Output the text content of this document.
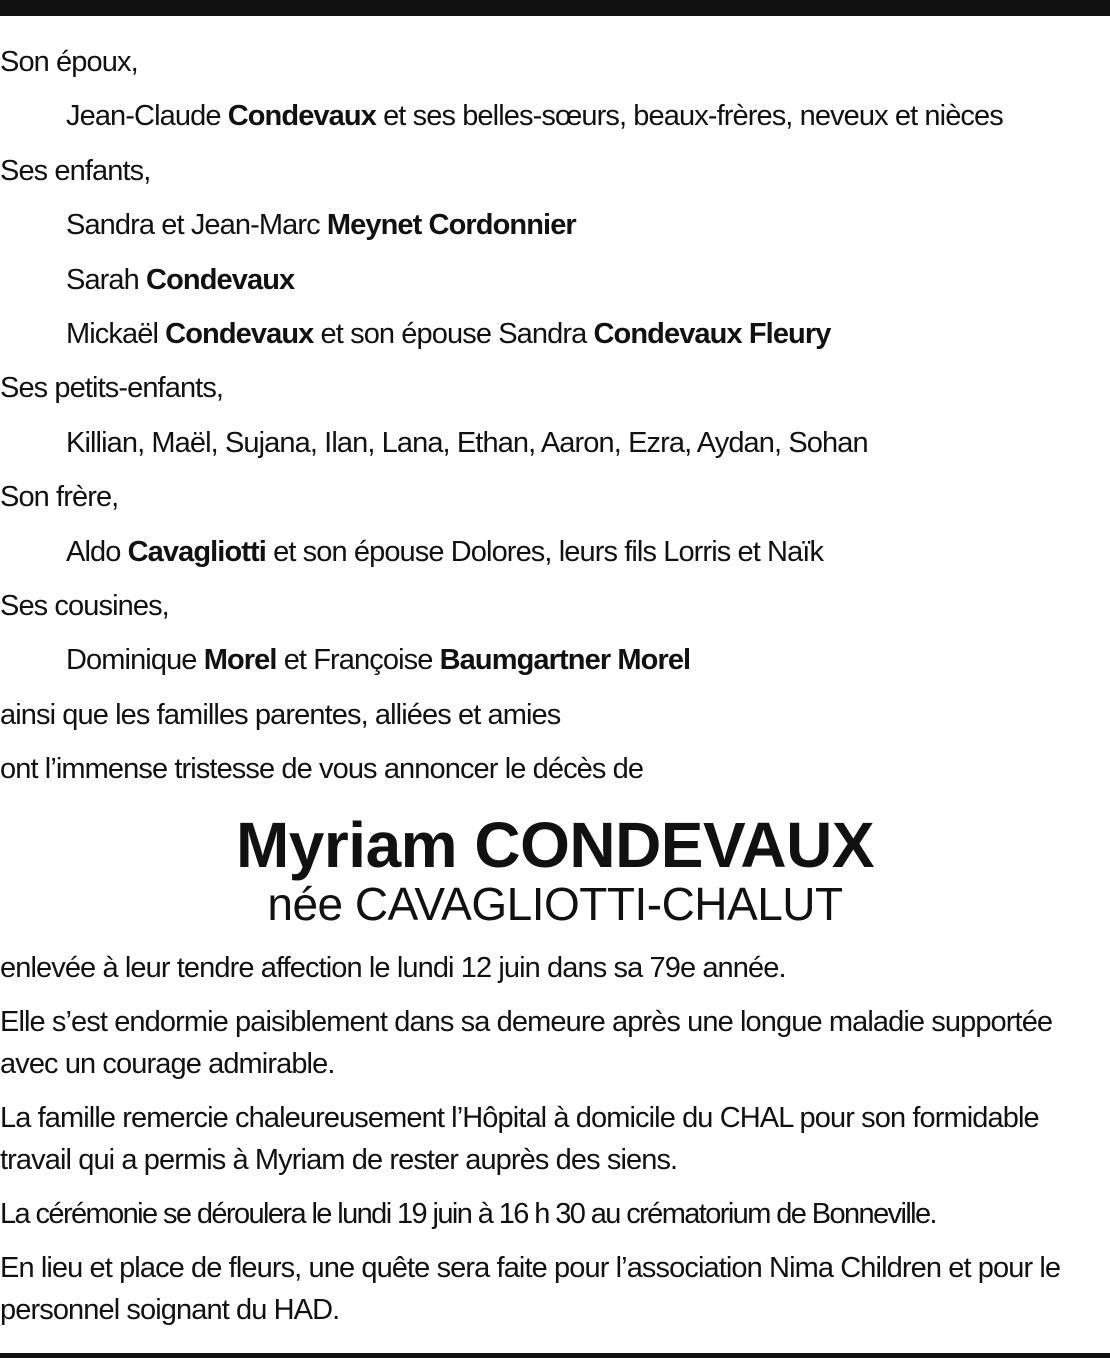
Son époux,
Jean-Claude Condevaux et ses belles-sœurs, beaux-frères, neveux et nièces
Ses enfants,
Sandra et Jean-Marc Meynet Cordonnier
Sarah Condevaux
Mickaël Condevaux et son épouse Sandra Condevaux Fleury
Ses petits-enfants,
Killian, Maël, Sujana, Ilan, Lana, Ethan, Aaron, Ezra, Aydan, Sohan
Son frère,
Aldo Cavagliotti et son épouse Dolores, leurs fils Lorris et Naïk
Ses cousines,
Dominique Morel et Françoise Baumgartner Morel
ainsi que les familles parentes, alliées et amies
ont l’immense tristesse de vous annoncer le décès de
Myriam CONDEVAUX
née CAVAGLIOTTI-CHALUT
enlevée à leur tendre affection le lundi 12 juin dans sa 79e année.
Elle s’est endormie paisiblement dans sa demeure après une longue maladie supportée avec un courage admirable.
La famille remercie chaleureusement l’Hôpital à domicile du CHAL pour son formidable travail qui a permis à Myriam de rester auprès des siens.
La cérémonie se déroulera le lundi 19 juin à 16 h 30 au crématorium de Bonneville.
En lieu et place de fleurs, une quête sera faite pour l’association Nima Children et pour le personnel soignant du HAD.
